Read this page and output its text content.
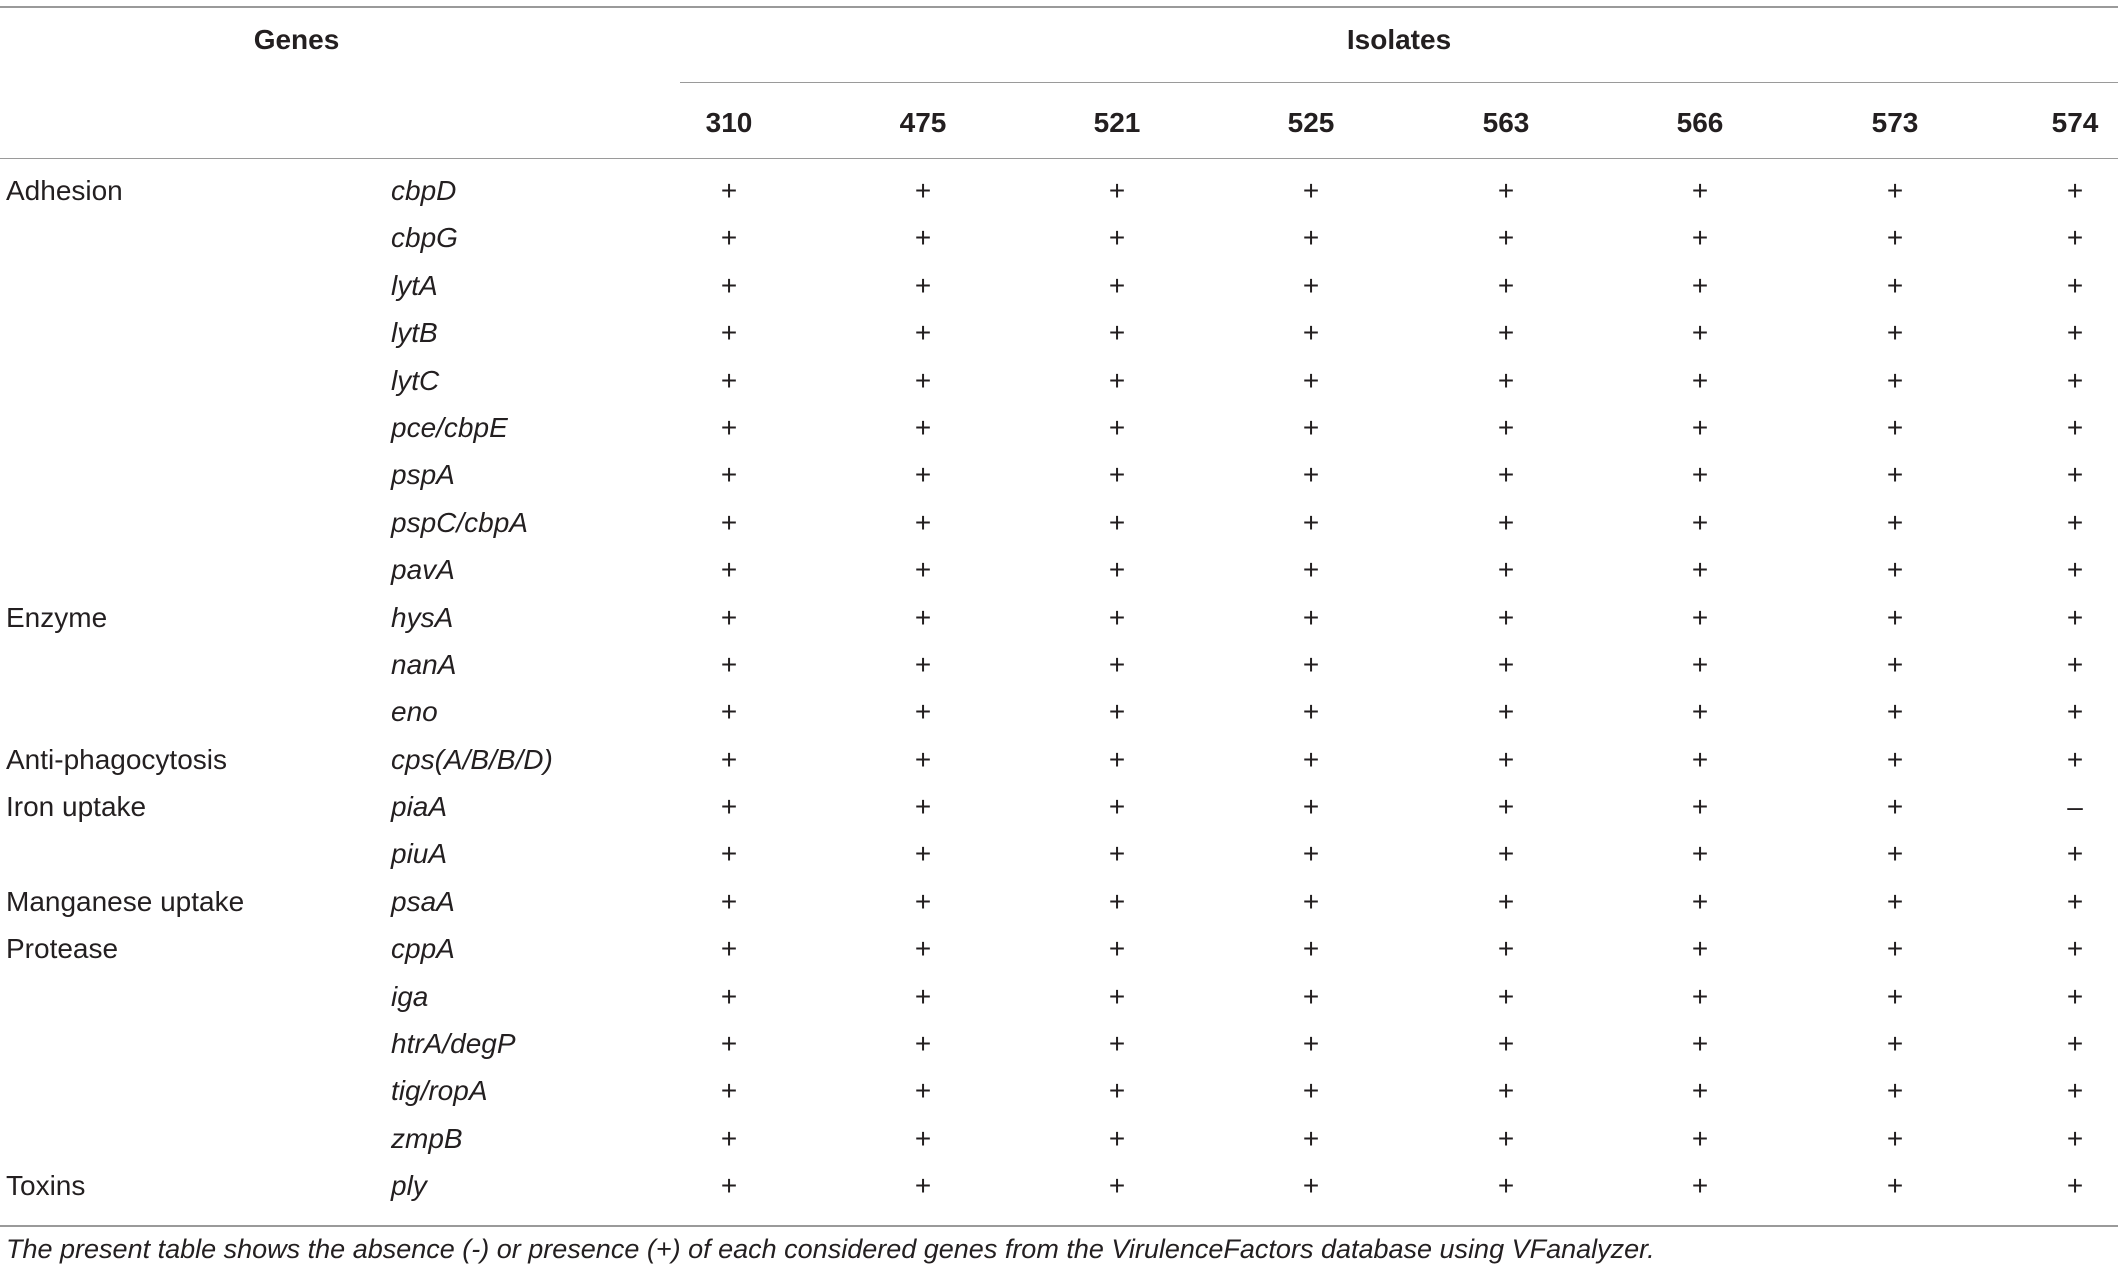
Genes	Isolates
310	475	521	525	563	566	573	574
Adhesion	cbpD	+	+	+	+	+	+	+	+
cbpG	+	+	+	+	+	+	+	+
lytA	+	+	+	+	+	+	+	+
lytB	+	+	+	+	+	+	+	+
lytC	+	+	+	+	+	+	+	+
pce/cbpE	+	+	+	+	+	+	+	+
pspA	+	+	+	+	+	+	+	+
pspC/cbpA	+	+	+	+	+	+	+	+
pavA	+	+	+	+	+	+	+	+
Enzyme	hysA	+	+	+	+	+	+	+	+
nanA	+	+	+	+	+	+	+	+
eno	+	+	+	+	+	+	+	+
Anti-phagocytosis	cps(A/B/B/D)	+	+	+	+	+	+	+	+
Iron uptake	piaA	+	+	+	+	+	+	+	–
piuA	+	+	+	+	+	+	+	+
Manganese uptake	psaA	+	+	+	+	+	+	+	+
Protease	cppA	+	+	+	+	+	+	+	+
iga	+	+	+	+	+	+	+	+
htrA/degP	+	+	+	+	+	+	+	+
tig/ropA	+	+	+	+	+	+	+	+
zmpB	+	+	+	+	+	+	+	+
Toxins	ply	+	+	+	+	+	+	+	+
The present table shows the absence (-) or presence (+) of each considered genes from the VirulenceFactors database using VFanalyzer.
